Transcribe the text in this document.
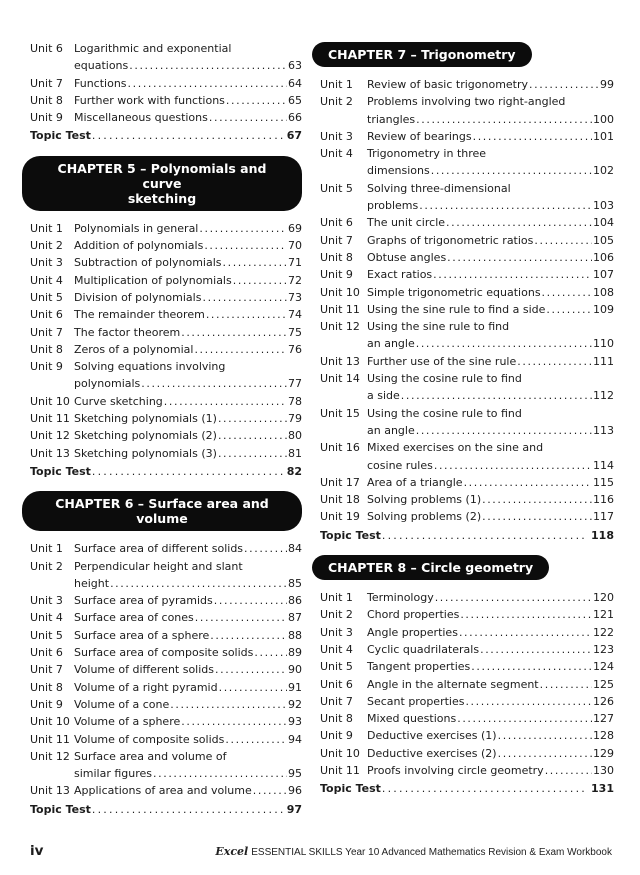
Unit 6	Logarithmic and exponential
equations .....	63
Unit 7	Functions .....	64
Unit 8	Further work with functions .....	65
Unit 9	Miscellaneous questions .....	66
Topic Test .....	67
CHAPTER 5 – Polynomials and curve
sketching
Unit 1	Polynomials in general .....	69
Unit 2	Addition of polynomials .....	70
Unit 3	Subtraction of polynomials .....	71
Unit 4	Multiplication of polynomials .....	72
Unit 5	Division of polynomials .....	73
Unit 6	The remainder theorem .....	74
Unit 7	The factor theorem .....	75
Unit 8	Zeros of a polynomial .....	76
Unit 9	Solving equations involving
polynomials .....	77
Unit 10 Curve sketching .....	78
Unit 11 Sketching polynomials (1) .....	79
Unit 12 Sketching polynomials (2) .....	80
Unit 13 Sketching polynomials (3) .....	81
Topic Test .....	82
CHAPTER 6 – Surface area and volume
Unit 1	Surface area of different solids .....	84
Unit 2	Perpendicular height and slant
height .....	85
Unit 3	Surface area of pyramids .....	86
Unit 4	Surface area of cones .....	87
Unit 5	Surface area of a sphere .....	88
Unit 6	Surface area of composite solids .....	89
Unit 7	Volume of different solids .....	90
Unit 8	Volume of a right pyramid .....	91
Unit 9	Volume of a cone .....	92
Unit 10 Volume of a sphere .....	93
Unit 11 Volume of composite solids .....	94
Unit 12 Surface area and volume of
similar figures .....	95
Unit 13 Applications of area and volume .....	96
Topic Test .....	97
CHAPTER 7 – Trigonometry
Unit 1	Review of basic trigonometry .....	99
Unit 2	Problems involving two right-angled
triangles .....	100
Unit 3	Review of bearings .....	101
Unit 4	Trigonometry in three
dimensions .....	102
Unit 5	Solving three-dimensional
problems .....	103
Unit 6	The unit circle .....	104
Unit 7	Graphs of trigonometric ratios .....	105
Unit 8	Obtuse angles .....	106
Unit 9	Exact ratios .....	107
Unit 10 Simple trigonometric equations .....	108
Unit 11 Using the sine rule to find a side .....	109
Unit 12 Using the sine rule to find
an angle .....	110
Unit 13 Further use of the sine rule .....	111
Unit 14 Using the cosine rule to find
a side .....	112
Unit 15 Using the cosine rule to find
an angle .....	113
Unit 16 Mixed exercises on the sine and
cosine rules .....	114
Unit 17 Area of a triangle .....	115
Unit 18 Solving problems (1) .....	116
Unit 19 Solving problems (2) .....	117
Topic Test .....	118
CHAPTER 8 – Circle geometry
Unit 1	Terminology .....	120
Unit 2	Chord properties .....	121
Unit 3	Angle properties .....	122
Unit 4	Cyclic quadrilaterals .....	123
Unit 5	Tangent properties .....	124
Unit 6	Angle in the alternate segment .....	125
Unit 7	Secant properties .....	126
Unit 8	Mixed questions .....	127
Unit 9	Deductive exercises (1) .....	128
Unit 10 Deductive exercises (2) .....	129
Unit 11 Proofs involving circle geometry .....	130
Topic Test .....	131
iv	Excel ESSENTIAL SKILLS Year 10 Advanced Mathematics Revision & Exam Workbook
